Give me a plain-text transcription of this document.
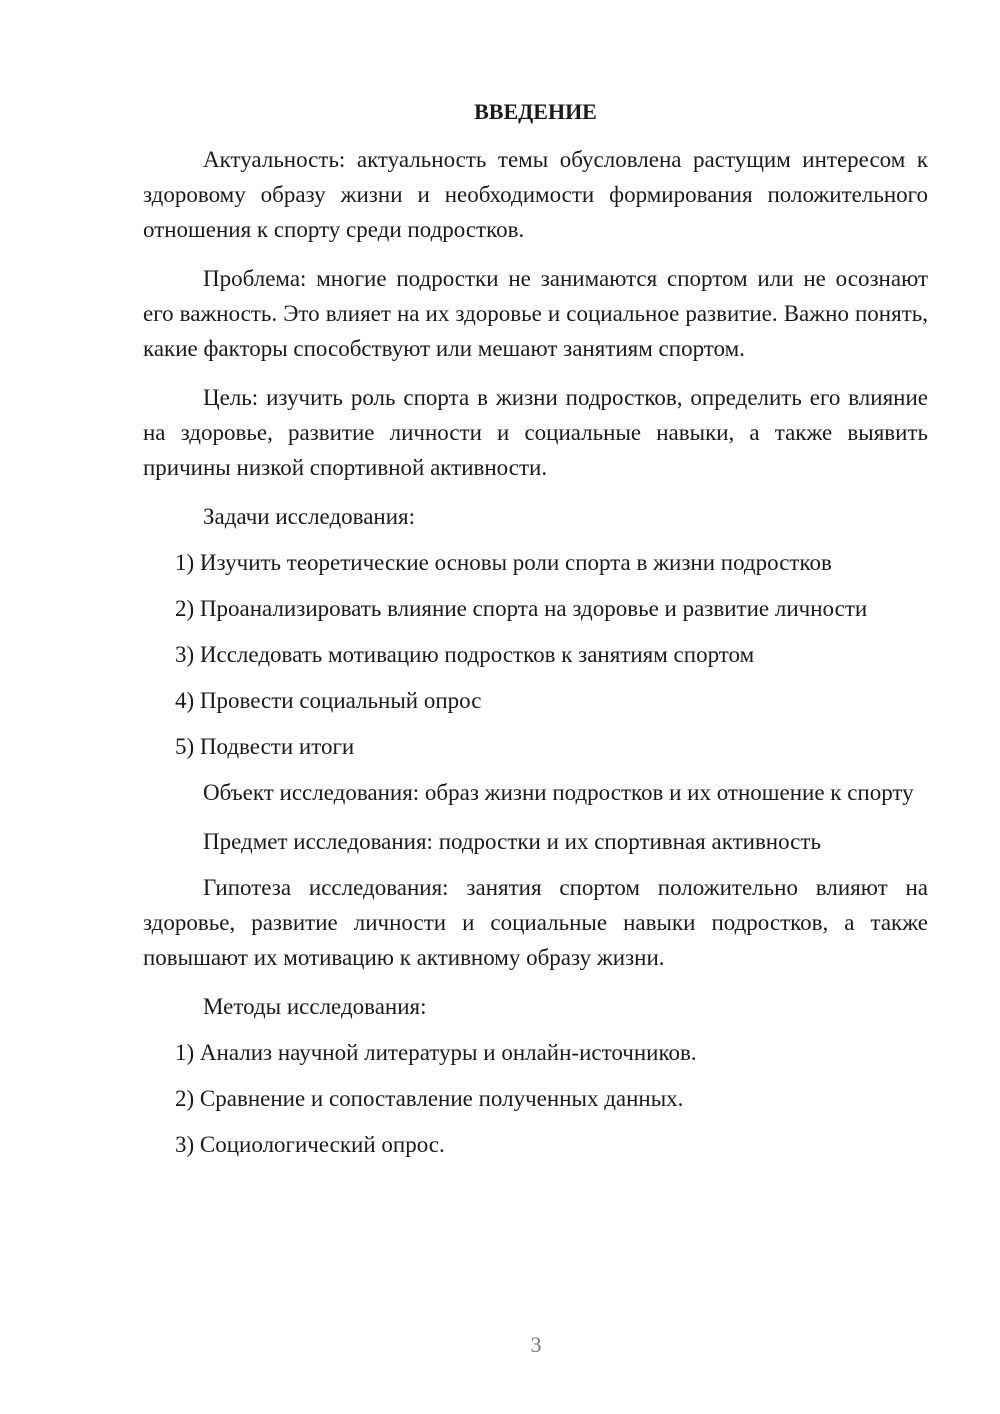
ВВЕДЕНИЕ

Актуальность: актуальность темы обусловлена растущим интересом к здоровому образу жизни и необходимости формирования положительного отношения к спорту среди подростков.

Проблема: многие подростки не занимаются спортом или не осознают его важность. Это влияет на их здоровье и социальное развитие. Важно понять, какие факторы способствуют или мешают занятиям спортом.

Цель: изучить роль спорта в жизни подростков, определить его влияние на здоровье, развитие личности и социальные навыки, а также выявить причины низкой спортивной активности.

Задачи исследования:
1) Изучить теоретические основы роли спорта в жизни подростков
2) Проанализировать влияние спорта на здоровье и развитие личности
3) Исследовать мотивацию подростков к занятиям спортом
4) Провести социальный опрос
5) Подвести итоги

Объект исследования: образ жизни подростков и их отношение к спорту

Предмет исследования: подростки и их спортивная активность

Гипотеза исследования: занятия спортом положительно влияют на здоровье, развитие личности и социальные навыки подростков, а также повышают их мотивацию к активному образу жизни.

Методы исследования:
1) Анализ научной литературы и онлайн-источников.
2) Сравнение и сопоставление полученных данных.
3) Социологический опрос.
3
